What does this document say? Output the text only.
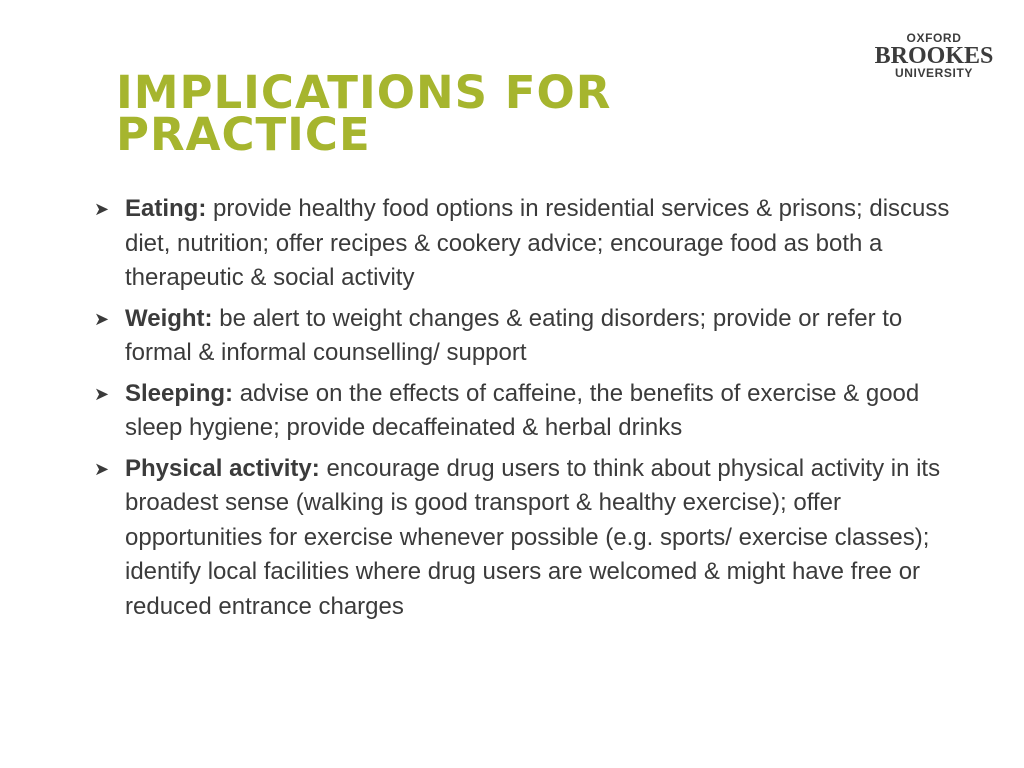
OXFORD
BROOKES
UNIVERSITY
IMPLICATIONS FOR
PRACTICE
➤ Eating: provide healthy food options in residential services & prisons; discuss diet, nutrition; offer recipes & cookery advice; encourage food as both a therapeutic & social activity
➤ Weight: be alert to weight changes & eating disorders; provide or refer to formal & informal counselling/ support
➤ Sleeping: advise on the effects of caffeine, the benefits of exercise & good sleep hygiene; provide decaffeinated & herbal drinks
➤ Physical activity: encourage drug users to think about physical activity in its broadest sense (walking is good transport & healthy exercise); offer opportunities for exercise whenever possible (e.g. sports/ exercise classes); identify local facilities where drug users are welcomed & might have free or reduced entrance charges
